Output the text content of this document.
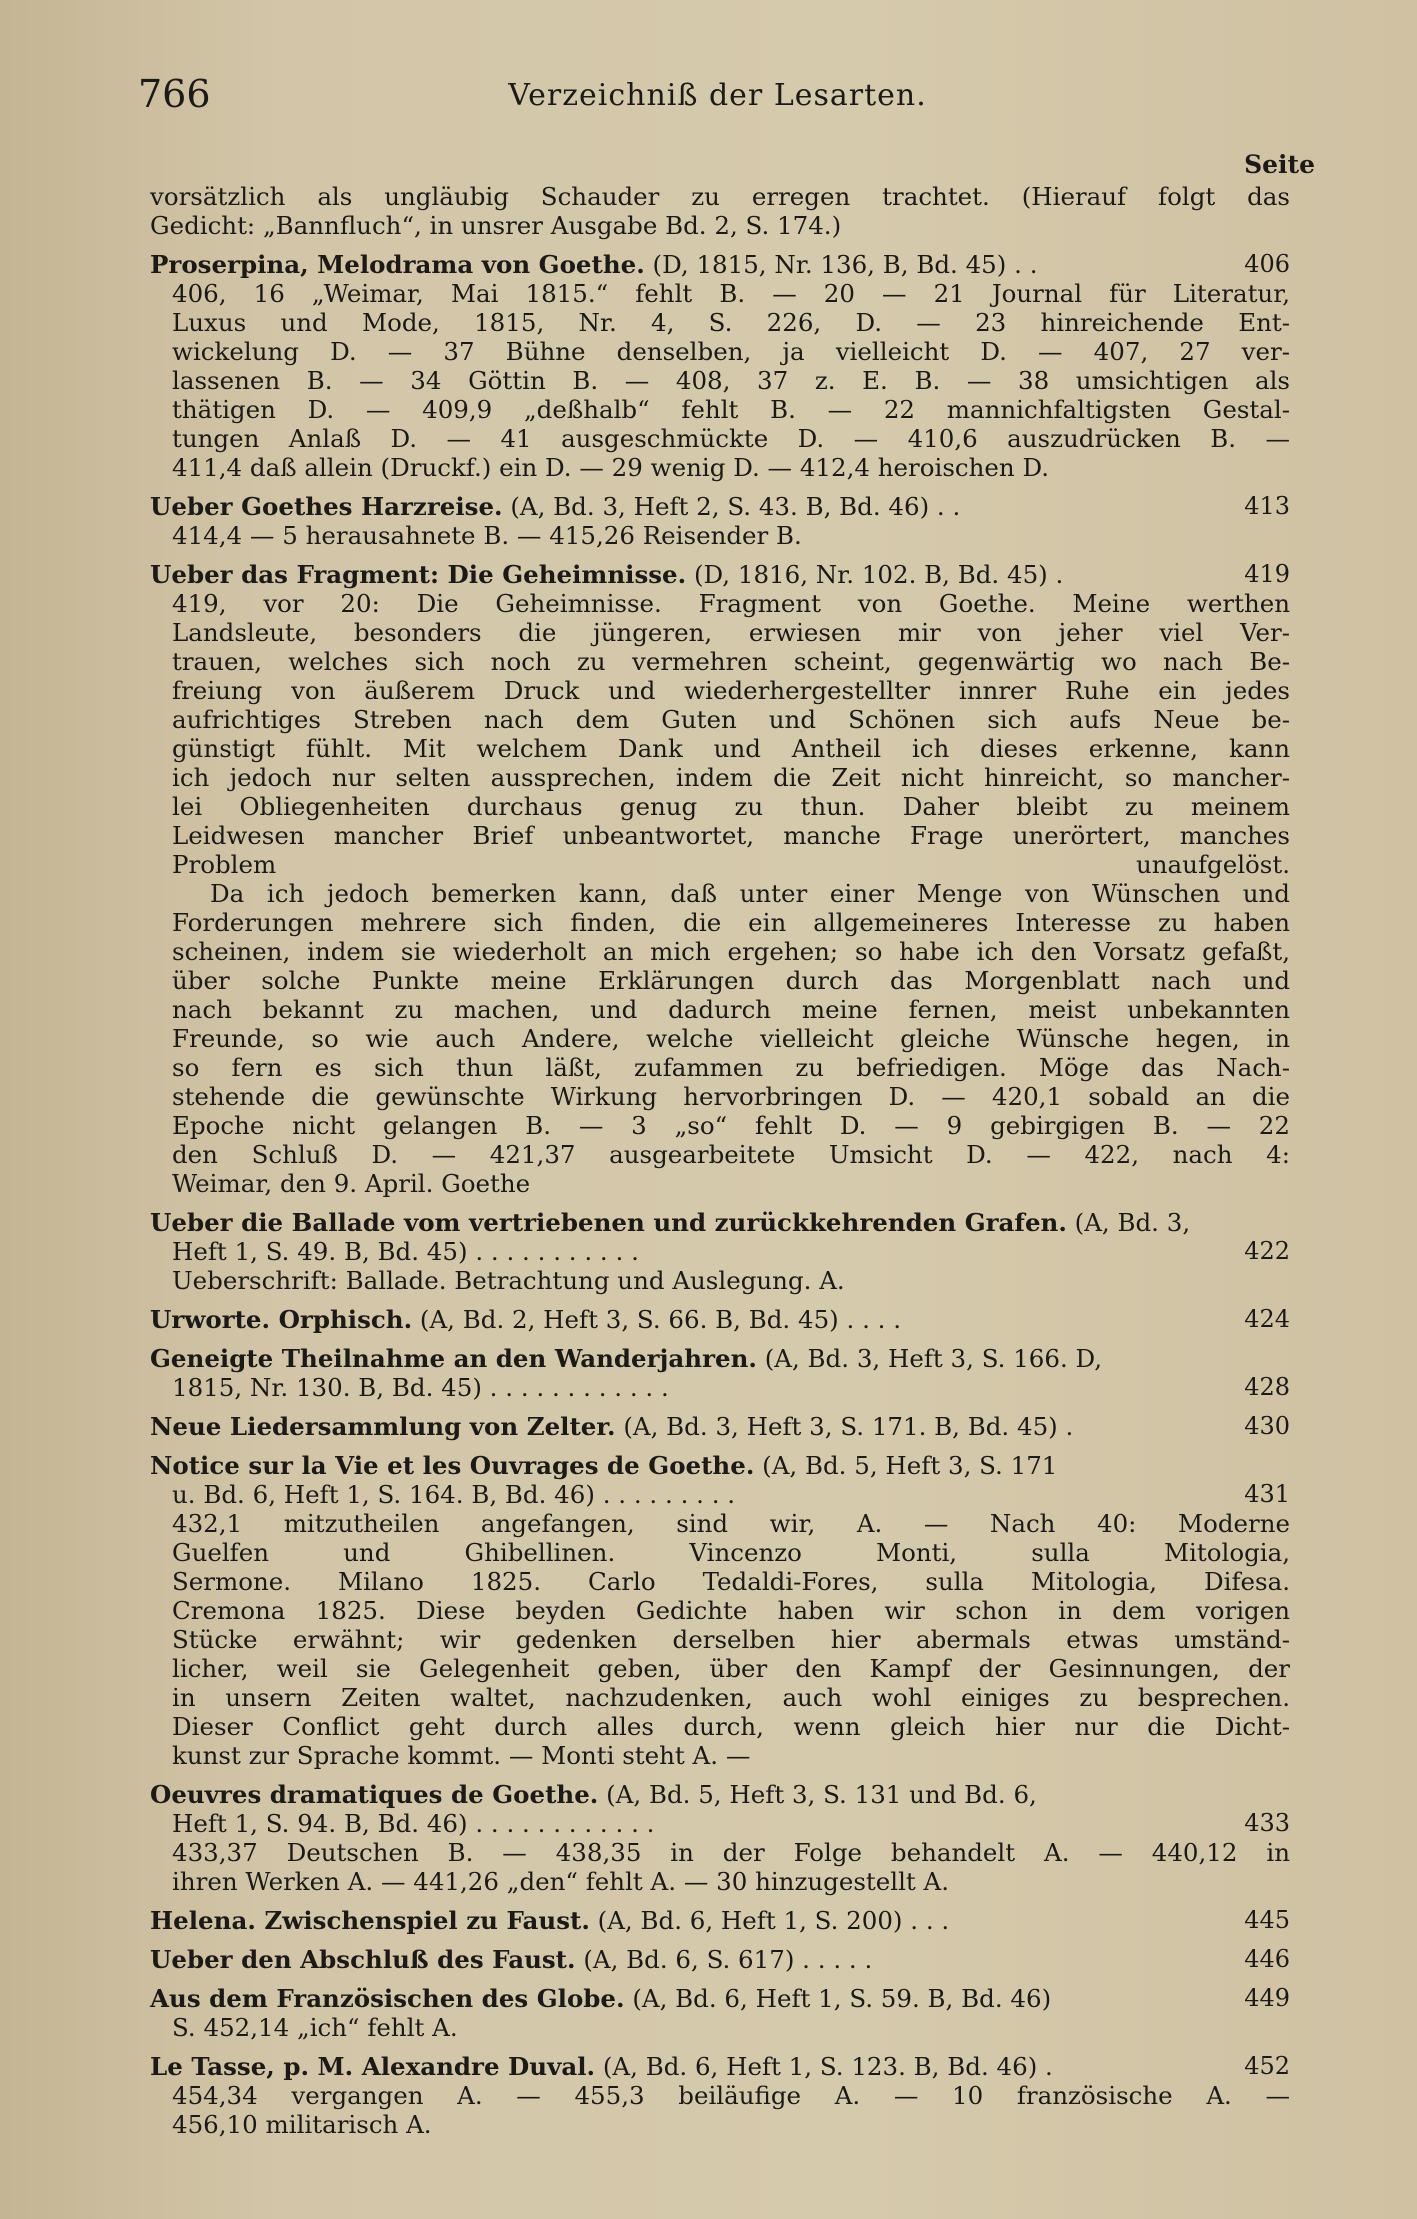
766	Verzeichniß der Lesarten.
Seite
vorsätzlich als ungläubig Schauder zu erregen trachtet. (Hierauf folgt das
Gedicht: „Bannfluch“, in unsrer Ausgabe Bd. 2, S. 174.)
Proserpina, Melodrama von Goethe. (D, 1815, Nr. 136, B, Bd. 45) . .	406
406, 16 „Weimar, Mai 1815.“ fehlt B. — 20 — 21 Journal für Literatur,
Luxus und Mode, 1815, Nr. 4, S. 226, D. — 23 hinreichende Ent-
wickelung D. — 37 Bühne denselben, ja vielleicht D. — 407, 27 ver-
lassenen B. — 34 Göttin B. — 408, 37 z. E. B. — 38 umsichtigen als
thätigen D. — 409,9 „deßhalb“ fehlt B. — 22 mannichfaltigsten Gestal-
tungen Anlaß D. — 41 ausgeschmückte D. — 410,6 auszudrücken B. —
411,4 daß allein (Druckf.) ein D. — 29 wenig D. — 412,4 heroischen D.
Ueber Goethes Harzreise. (A, Bd. 3, Heft 2, S. 43. B, Bd. 46) . .	413
414,4 — 5 herausahnete B. — 415,26 Reisender B.
Ueber das Fragment: Die Geheimnisse. (D, 1816, Nr. 102. B, Bd. 45) .	419
419, vor 20: Die Geheimnisse. Fragment von Goethe. Meine werthen
Landsleute, besonders die jüngeren, erwiesen mir von jeher viel Ver-
trauen, welches sich noch zu vermehren scheint, gegenwärtig wo nach Be-
freiung von äußerem Druck und wiederhergestellter innrer Ruhe ein jedes
aufrichtiges Streben nach dem Guten und Schönen sich aufs Neue be-
günstigt fühlt. Mit welchem Dank und Antheil ich dieses erkenne, kann
ich jedoch nur selten aussprechen, indem die Zeit nicht hinreicht, so mancher-
lei Obliegenheiten durchaus genug zu thun. Daher bleibt zu meinem
Leidwesen mancher Brief unbeantwortet, manche Frage unerörtert, manches
Problem unaufgelöst.
Da ich jedoch bemerken kann, daß unter einer Menge von Wünschen und
Forderungen mehrere sich finden, die ein allgemeineres Interesse zu haben
scheinen, indem sie wiederholt an mich ergehen; so habe ich den Vorsatz gefaßt,
über solche Punkte meine Erklärungen durch das Morgenblatt nach und
nach bekannt zu machen, und dadurch meine fernen, meist unbekannten
Freunde, so wie auch Andere, welche vielleicht gleiche Wünsche hegen, in
so fern es sich thun läßt, zufammen zu befriedigen. Möge das Nach-
stehende die gewünschte Wirkung hervorbringen D. — 420,1 sobald an die
Epoche nicht gelangen B. — 3 „so“ fehlt D. — 9 gebirgigen B. — 22
den Schluß D. — 421,37 ausgearbeitete Umsicht D. — 422, nach 4:
Weimar, den 9. April. Goethe
Ueber die Ballade vom vertriebenen und zurückkehrenden Grafen. (A, Bd. 3,
Heft 1, S. 49. B, Bd. 45) . . . . . . . . . . .	422
Ueberschrift: Ballade. Betrachtung und Auslegung. A.
Urworte. Orphisch. (A, Bd. 2, Heft 3, S. 66. B, Bd. 45) . . . .	424
Geneigte Theilnahme an den Wanderjahren. (A, Bd. 3, Heft 3, S. 166. D,
1815, Nr. 130. B, Bd. 45) . . . . . . . . . . . .	428
Neue Liedersammlung von Zelter. (A, Bd. 3, Heft 3, S. 171. B, Bd. 45) .	430
Notice sur la Vie et les Ouvrages de Goethe. (A, Bd. 5, Heft 3, S. 171
u. Bd. 6, Heft 1, S. 164. B, Bd. 46) . . . . . . . . .	431
432,1 mitzutheilen angefangen, sind wir, A. — Nach 40: Moderne
Guelfen und Ghibellinen. Vincenzo Monti, sulla Mitologia,
Sermone. Milano 1825. Carlo Tedaldi-Fores, sulla Mitologia, Difesa.
Cremona 1825. Diese beyden Gedichte haben wir schon in dem vorigen
Stücke erwähnt; wir gedenken derselben hier abermals etwas umständ-
licher, weil sie Gelegenheit geben, über den Kampf der Gesinnungen, der
in unsern Zeiten waltet, nachzudenken, auch wohl einiges zu besprechen.
Dieser Conflict geht durch alles durch, wenn gleich hier nur die Dicht-
kunst zur Sprache kommt. — Monti steht A. —
Oeuvres dramatiques de Goethe. (A, Bd. 5, Heft 3, S. 131 und Bd. 6,
Heft 1, S. 94. B, Bd. 46) . . . . . . . . . . . .	433
433,37 Deutschen B. — 438,35 in der Folge behandelt A. — 440,12 in
ihren Werken A. — 441,26 „den“ fehlt A. — 30 hinzugestellt A.
Helena. Zwischenspiel zu Faust. (A, Bd. 6, Heft 1, S. 200) . . .	445
Ueber den Abschluß des Faust. (A, Bd. 6, S. 617) . . . . .	446
Aus dem Französischen des Globe. (A, Bd. 6, Heft 1, S. 59. B, Bd. 46)	449
S. 452,14 „ich“ fehlt A.
Le Tasse, p. M. Alexandre Duval. (A, Bd. 6, Heft 1, S. 123. B, Bd. 46) .	452
454,34 vergangen A. — 455,3 beiläufige A. — 10 französische A. —
456,10 militarisch A.
